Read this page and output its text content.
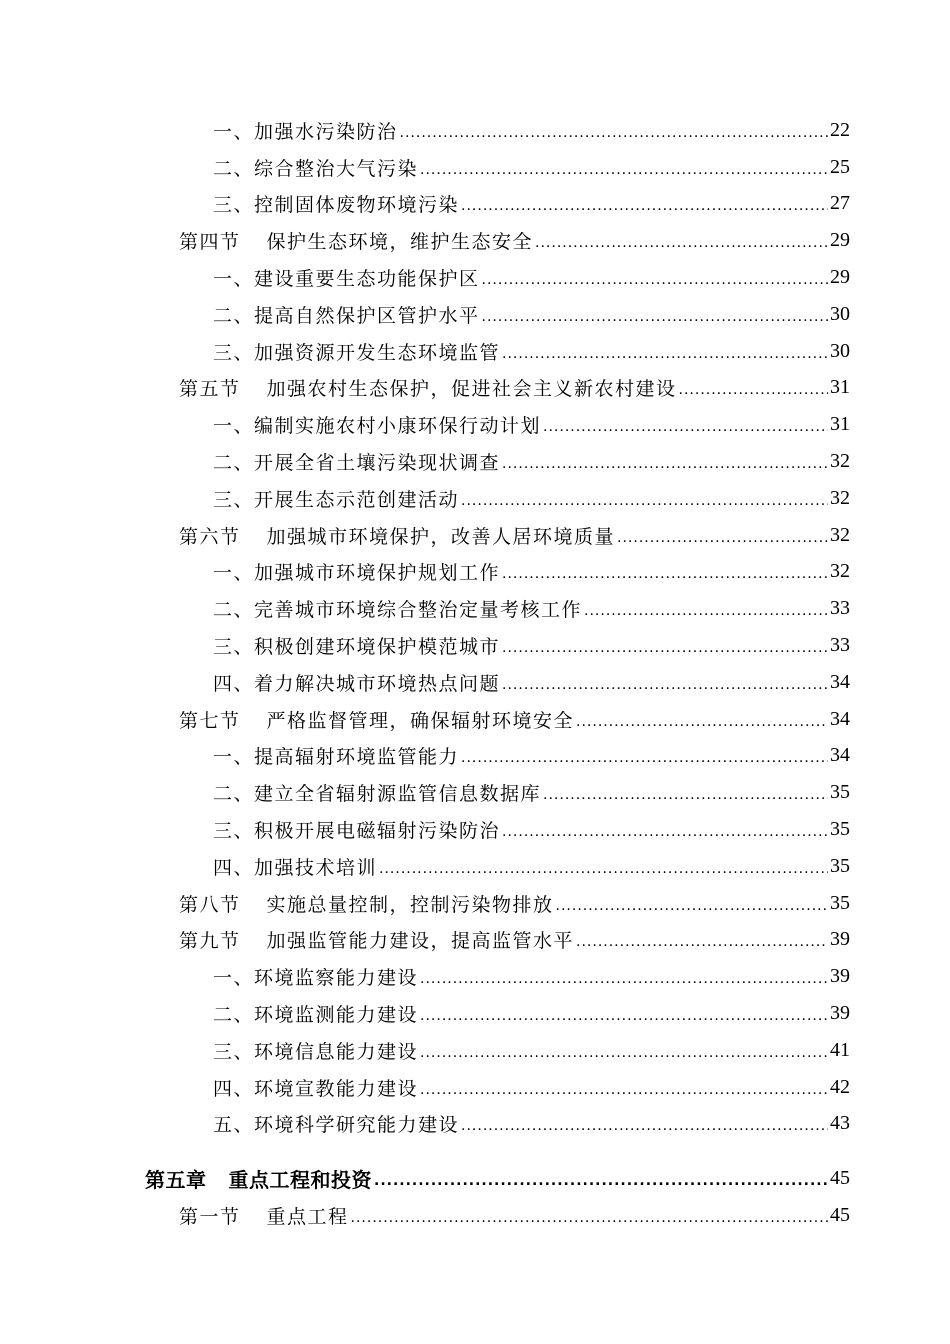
一、加强水污染防治 .....	22
二、综合整治大气污染 .....	25
三、控制固体废物环境污染 .....	27
第四节 保护生态环境，维护生态安全 .....	29
一、建设重要生态功能保护区 .....	29
二、提高自然保护区管护水平 .....	30
三、加强资源开发生态环境监管 .....	30
第五节 加强农村生态保护，促进社会主义新农村建设 .....	31
一、编制实施农村小康环保行动计划 .....	31
二、开展全省土壤污染现状调查 .....	32
三、开展生态示范创建活动 .....	32
第六节 加强城市环境保护，改善人居环境质量 .....	32
一、加强城市环境保护规划工作 .....	32
二、完善城市环境综合整治定量考核工作 .....	33
三、积极创建环境保护模范城市 .....	33
四、着力解决城市环境热点问题 .....	34
第七节 严格监督管理，确保辐射环境安全 .....	34
一、提高辐射环境监管能力 .....	34
二、建立全省辐射源监管信息数据库 .....	35
三、积极开展电磁辐射污染防治 .....	35
四、加强技术培训 .....	35
第八节 实施总量控制，控制污染物排放 .....	35
第九节 加强监管能力建设，提高监管水平 .....	39
一、环境监察能力建设 .....	39
二、环境监测能力建设 .....	39
三、环境信息能力建设 .....	41
四、环境宣教能力建设 .....	42
五、环境科学研究能力建设 .....	43
第五章 重点工程和投资 .....	45
第一节 重点工程 .....	45
